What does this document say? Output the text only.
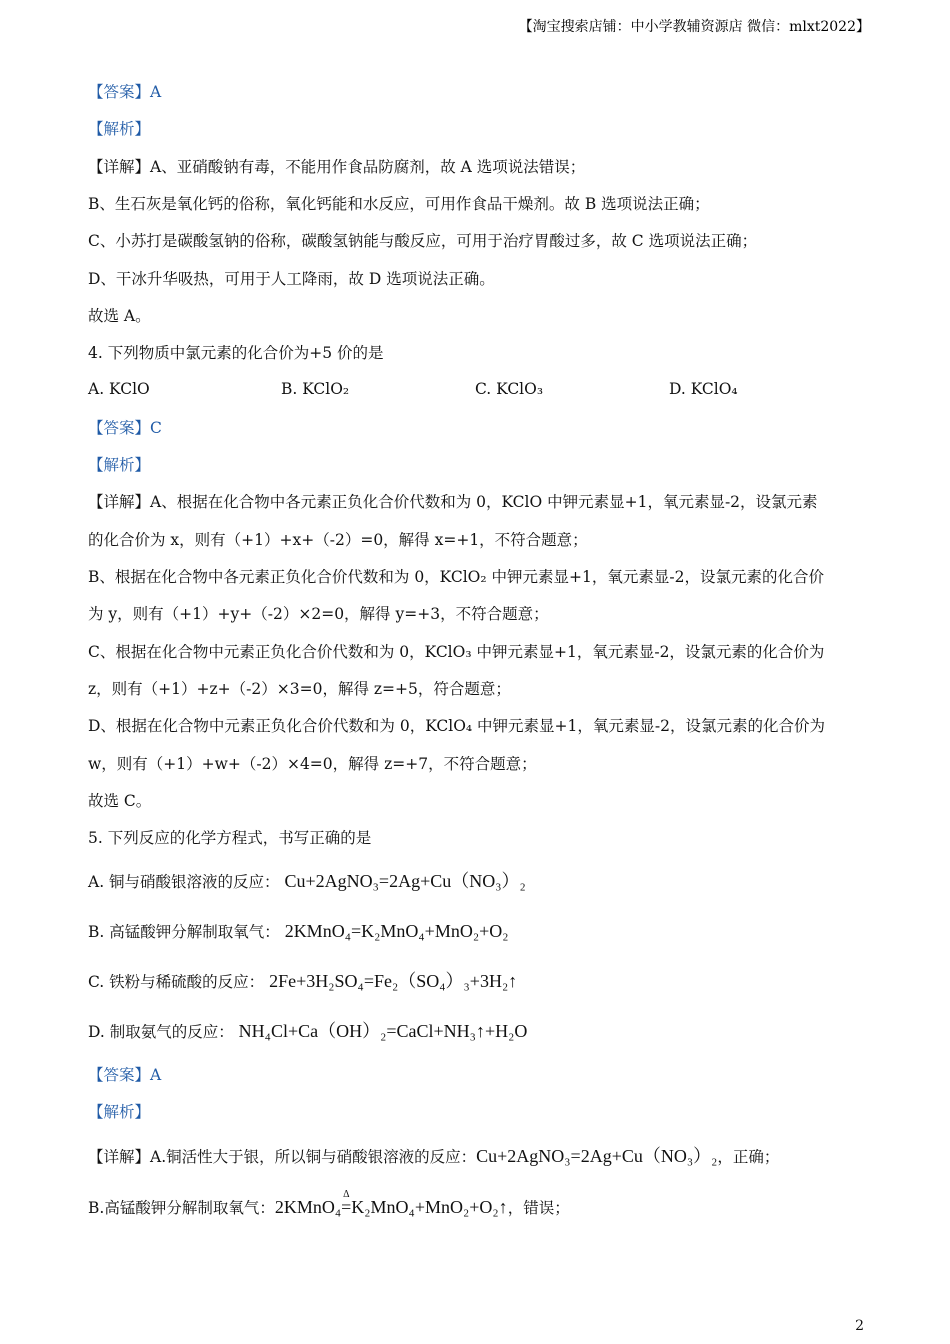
【淘宝搜索店铺：中小学教辅资源店 微信：mlxt2022】
【答案】A
【解析】
【详解】A、亚硝酸钠有毒，不能用作食品防腐剂，故 A 选项说法错误；
B、生石灰是氧化钙的俗称，氧化钙能和水反应，可用作食品干燥剂。故 B 选项说法正确；
C、小苏打是碳酸氢钠的俗称，碳酸氢钠能与酸反应，可用于治疗胃酸过多，故 C 选项说法正确；
D、干冰升华吸热，可用于人工降雨，故 D 选项说法正确。
故选 A。
4. 下列物质中氯元素的化合价为+5 价的是
A. KClO	B. KClO₂	C. KClO₃	D. KClO₄
【答案】C
【解析】
【详解】A、根据在化合物中各元素正负化合价代数和为 0，KClO 中钾元素显+1，氧元素显-2，设氯元素
的化合价为 x，则有（+1）+x+（-2）=0，解得 x=+1，不符合题意；
B、根据在化合物中各元素正负化合价代数和为 0，KClO₂ 中钾元素显+1，氧元素显-2，设氯元素的化合价
为 y，则有（+1）+y+（-2）×2=0，解得 y=+3，不符合题意；
C、根据在化合物中元素正负化合价代数和为 0，KClO₃ 中钾元素显+1，氧元素显-2，设氯元素的化合价为
z，则有（+1）+z+（-2）×3=0，解得 z=+5，符合题意；
D、根据在化合物中元素正负化合价代数和为 0，KClO₄ 中钾元素显+1，氧元素显-2，设氯元素的化合价为
w，则有（+1）+w+（-2）×4=0，解得 z=+7，不符合题意；
故选 C。
5. 下列反应的化学方程式，书写正确的是
A. 铜与硝酸银溶液的反应： Cu+2AgNO₃=2Ag+Cu（NO₃）₂
B. 高锰酸钾分解制取氧气： 2KMnO₄=K₂MnO₄+MnO₂+O₂
C. 铁粉与稀硫酸的反应： 2Fe+3H₂SO₄=Fe₂（SO₄）₃+3H₂↑
D. 制取氨气的反应： NH₄Cl+Ca（OH）₂=CaCl+NH₃↑+H₂O
【答案】A
【解析】
【详解】A.铜活性大于银，所以铜与硝酸银溶液的反应：Cu+2AgNO₃=2Ag+Cu（NO₃）₂，正确；
B.高锰酸钾分解制取氧气：2KMnO₄
Δ
=K₂MnO₄+MnO₂+O₂↑，错误；
2
